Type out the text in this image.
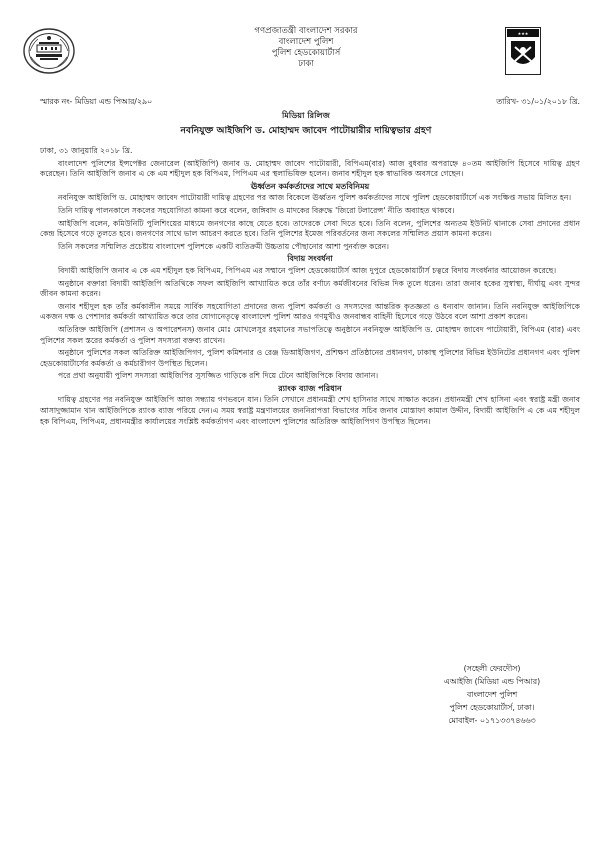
★★★
গণপ্রজাতন্ত্রী বাংলাদেশ সরকার
বাংলাদেশ পুলিশ
পুলিশ হেডকোয়ার্টার্স
ঢাকা
স্মারক নং- মিডিয়া এন্ড পিআর/২৯০	তারিখ- ৩১/০১/২০১৮ খ্রি.
মিডিয়া রিলিজ
নবনিযুক্ত আইজিপি ড. মোহাম্মদ জাবেদ পাটোয়ারীর দায়িত্বভার গ্রহণ

ঢাকা, ৩১ জানুয়ারি ২০১৮ খ্রি.

বাংলাদেশ পুলিশের ইন্সপেক্টর জেনারেল (আইজিপি) জনাব ড. মোহাম্মদ জাবেদ পাটোয়ারী, বিপিএম(বার) আজ বুধবার অপরাহ্নে ৪০তম আইজিপি হিসেবে দায়িত্ব গ্রহণ করেছেন। তিনি আইজিপি জনাব এ কে এম শহীদুল হক বিপিএম, পিপিএম এর স্থলাভিষিক্ত হলেন। জনাব শহীদুল হক স্বাভাবিক অবসরে গেছেন।

ঊর্ধ্বতন কর্মকর্তাদের সাথে মতবিনিময়

নবনিযুক্ত আইজিপি ড. মোহাম্মদ জাবেদ পাটোয়ারী দায়িত্ব গ্রহণের পর আজ বিকেলে ঊর্ধ্বতন পুলিশ কর্মকর্তাদের সাথে পুলিশ হেডকোয়ার্টার্সে এক সংক্ষিপ্ত সভায় মিলিত হন।

তিনি দায়িত্ব পালনকালে সকলের সহযোগিতা কামনা করে বলেন, জঙ্গিবাদ ও মাদকের বিরুদ্ধে 'জিরো টলারেন্স' নীতি অব্যাহত থাকবে।

আইজিপি বলেন, কমিউনিটি পুলিশিংয়ের মাধ্যমে জনগণের কাছে যেতে হবে। তাদেরকে সেবা দিতে হবে। তিনি বলেন, পুলিশের অন্যতম ইউনিট থানাকে সেবা প্রদানের প্রধান কেন্দ্র হিসেবে গড়ে তুলতে হবে। জনগণের সাথে ভাল আচরণ করতে হবে। তিনি পুলিশের ইমেজ পরিবর্তনের জন্য সকলের সম্মিলিত প্রয়াস কামনা করেন।

তিনি সকলের সম্মিলিত প্রচেষ্টায় বাংলাদেশ পুলিশকে একটি ব্যতিক্রমী উচ্চতায় পৌছানোর আশা পুনর্ব্যক্ত করেন।

বিদায় সংবর্ধনা

বিদায়ী আইজিপি জনাব এ কে এম শহীদুল হক বিপিএম, পিপিএম এর সম্মানে পুলিশ হেডকোয়ার্টার্স আজ দুপুরে হেডকোয়ার্টার্স চত্বরে বিদায় সংবর্ধনার আয়োজন করেছে।

অনুষ্ঠানে বক্তারা বিদায়ী আইজিপি অতিথিকে সফল আইজিপি আখ্যায়িত করে তাঁর বর্ণাঢ্য কর্মজীবনের বিভিন্ন দিক তুলে ধরেন। তারা জনাব হকের সুস্বাস্থ্য, দীর্ঘায়ু এবং সুন্দর জীবন কামনা করেন।

জনাব শহীদুল হক তাঁর কর্মকালীন সময়ে সার্বিক সহযোগিতা প্রদানের জন্য পুলিশ কর্মকর্তা ও সদস্যদের আন্তরিক কৃতজ্ঞতা ও ধন্যবাদ জানান। তিনি নবনিযুক্ত আইজিপিকে একজন দক্ষ ও পেশাদার কর্মকর্তা আখ্যায়িত করে তার যোগ্যনেতৃত্বে বাংলাদেশ পুলিশ আরও গণমুখীও জনবান্ধব বাহিনী হিসেবে গড়ে উঠবে বলে আশা প্রকাশ করেন।

অতিরিক্ত আইজিপি (প্রশাসন ও অপারেশনস) জনাব মোঃ মোখলেসুর রহমানের সভাপতিত্বে অনুষ্ঠানে নবনিযুক্ত আইজিপি ড. মোহাম্মদ জাবেদ পাটোয়ারী, বিপিএম (বার) এবং পুলিশের সকল স্তরের কর্মকর্তা ও পুলিশ সদস্যরা বক্তব্য রাখেন।

অনুষ্ঠানে পুলিশের সকল অতিরিক্ত আইজিপিগণ, পুলিশ কমিশনার ও রেঞ্জ ডিআইজিগণ, প্রশিক্ষণ প্রতিষ্ঠানের প্রধানগণ, ঢাকাস্থ পুলিশের বিভিন্ন ইউনিটের প্রধানগণ এবং পুলিশ হেডকোয়ার্টার্সের কর্মকর্তা ও কর্মচারীগণ উপস্থিত ছিলেন।

পরে প্রথা অনুযায়ী পুলিশ সদস্যরা আইজিপির সুসজ্জিত গাড়িকে রশি দিয়ে টেনে আইজিপিকে বিদায় জানান।

র‍্যাংক ব্যাজ পরিধান

দায়িত্ব গ্রহণের পর নবনিযুক্ত আইজিপি আজ সন্ধ্যায় গণভবনে যান। তিনি সেখানে প্রধানমন্ত্রী শেখ হাসিনার সাথে সাক্ষাত করেন। প্রধানমন্ত্রী শেখ হাসিনা এবং স্বরাষ্ট্র মন্ত্রী জনাব আসাদুজ্জামান খান আইজিপিকে র‍্যাংক ব্যাজ পরিয়ে দেন।এ সময় স্বরাষ্ট্র মন্ত্রণালয়ের জননিরাপত্তা বিভাগের সচিব জনাব মোস্তাফা কামাল উদ্দীন, বিদায়ী আইজিপি এ কে এম শহীদুল হক বিপিএম, পিপিএম, প্রধানমন্ত্রীর কার্যালয়ের সংশ্লিষ্ট কর্মকর্তাগণ এবং বাংলাদেশ পুলিশের অতিরিক্ত আইজিপিগণ উপস্থিত ছিলেন।

(সহেলী ফেরদৌস)
এআইজি (মিডিয়া এন্ড পিআর)
বাংলাদেশ পুলিশ
পুলিশ হেডকোয়ার্টার্স, ঢাকা।
মোবাইল- ০১৭১৩৩৭৪৬৬৩
